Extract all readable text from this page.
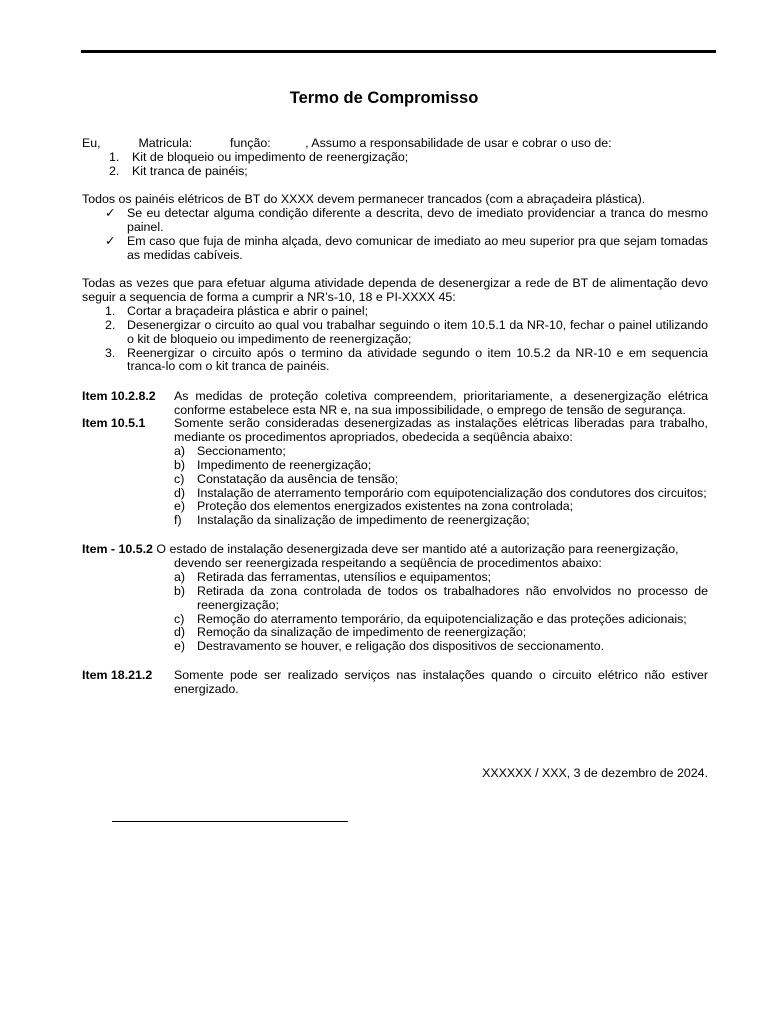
Termo de Compromisso

Eu,           Matricula:           função:          , Assumo a responsabilidade de usar e cobrar o uso de:

1.	Kit de bloqueio ou impedimento de reenergização;
2.	Kit tranca de painéis;

Todos os painéis elétricos de BT do XXXX devem permanecer trancados (com a abraçadeira plástica).

✓ Se eu detectar alguma condição diferente a descrita, devo de imediato providenciar a tranca do mesmo painel.
✓ Em caso que fuja de minha alçada, devo comunicar de imediato ao meu superior pra que sejam tomadas as medidas cabíveis.

Todas as vezes que para efetuar alguma atividade dependa de desenergizar a rede de BT de alimentação devo seguir a sequencia de forma a cumprir a NR’s-10, 18 e PI-XXXX 45:

1. Cortar a braçadeira plástica e abrir o painel;
2. Desenergizar o circuito ao qual vou trabalhar seguindo o item 10.5.1 da NR-10, fechar o painel utilizando o kit de bloqueio ou impedimento de reenergização;
3. Reenergizar o circuito após o termino da atividade segundo o item 10.5.2 da NR-10 e em sequencia tranca-lo com o kit tranca de painéis.
Item 10.2.8.2	As medidas de proteção coletiva compreendem, prioritariamente, a desenergização elétrica conforme estabelece esta NR e, na sua impossibilidade, o emprego de tensão de segurança.
Item 10.5.1	Somente serão consideradas desenergizadas as instalações elétricas liberadas para trabalho, mediante os procedimentos apropriados, obedecida a seqüência abaixo:
a) Seccionamento;
b) Impedimento de reenergização;
c)	Constatação da ausência de tensão;
d) Instalação de aterramento temporário com equipotencialização dos condutores dos circuitos;
e) Proteção dos elementos energizados existentes na zona controlada;
f)	Instalação da sinalização de impedimento de reenergização;
Item - 10.5.2 O estado de instalação desenergizada deve ser mantido até a autorização para reenergização,
devendo ser reenergizada respeitando a seqüência de procedimentos abaixo:
a) Retirada das ferramentas, utensílios e equipamentos;
b) Retirada da zona controlada de todos os trabalhadores não envolvidos no processo de reenergização;
c)	Remoção do aterramento temporário, da equipotencialização e das proteções adicionais;
d) Remoção da sinalização de impedimento de reenergização;
e) Destravamento se houver, e religação dos dispositivos de seccionamento.
Item 18.21.2	Somente pode ser realizado serviços nas instalações quando o circuito elétrico não estiver energizado.
XXXXXX / XXX, 3 de dezembro de 2024.
